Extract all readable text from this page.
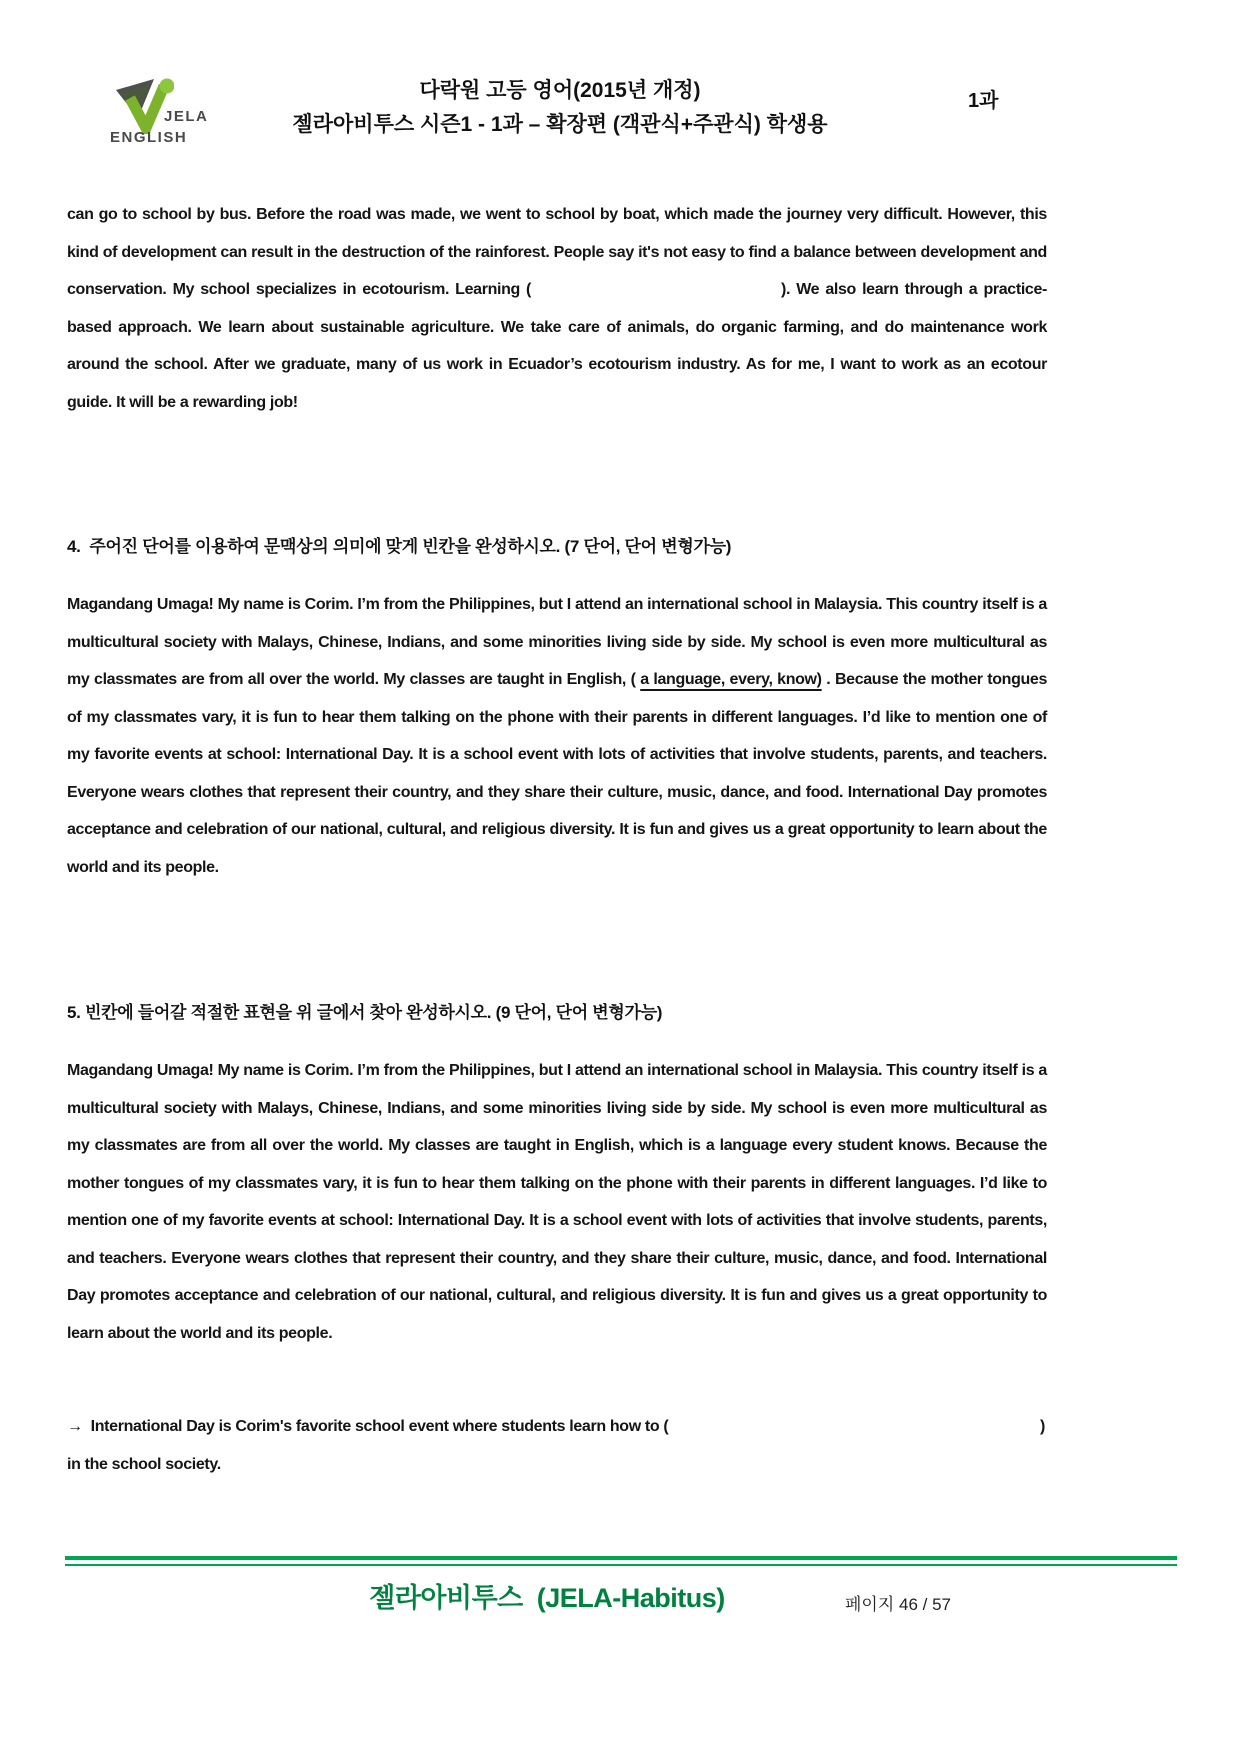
JELA
ENGLISH
다락원 고등 영어(2015년 개정)
젤라아비투스 시즌1 - 1과 – 확장편 (객관식+주관식) 학생용
1과
can go to school by bus. Before the road was made, we went to school by boat, which made the journey very difficult. However, this kind of development can result in the destruction of the rainforest. People say it's not easy to find a balance between development and conservation. My school specializes in ecotourism. Learning (	). We also learn through a practice-based approach. We learn about sustainable agriculture. We take care of animals, do organic farming, and do maintenance work around the school. After we graduate, many of us work in Ecuador’s ecotourism industry. As for me, I want to work as an ecotour guide. It will be a rewarding job!
4.  주어진 단어를 이용하여 문맥상의 의미에 맞게 빈칸을 완성하시오. (7 단어, 단어 변형가능)
Magandang Umaga! My name is Corim. I’m from the Philippines, but I attend an international school in Malaysia. This country itself is a multicultural society with Malays, Chinese, Indians, and some minorities living side by side. My school is even more multicultural as my classmates are from all over the world. My classes are taught in English, ( a language, every, know) . Because the mother tongues of my classmates vary, it is fun to hear them talking on the phone with their parents in different languages. I’d like to mention one of my favorite events at school: International Day. It is a school event with lots of activities that involve students, parents, and teachers. Everyone wears clothes that represent their country, and they share their culture, music, dance, and food. International Day promotes acceptance and celebration of our national, cultural, and religious diversity. It is fun and gives us a great opportunity to learn about the world and its people.
5. 빈칸에 들어갈 적절한 표현을 위 글에서 찾아 완성하시오. (9 단어, 단어 변형가능)
Magandang Umaga! My name is Corim. I’m from the Philippines, but I attend an international school in Malaysia. This country itself is a multicultural society with Malays, Chinese, Indians, and some minorities living side by side. My school is even more multicultural as my classmates are from all over the world. My classes are taught in English, which is a language every student knows. Because the mother tongues of my classmates vary, it is fun to hear them talking on the phone with their parents in different languages. I’d like to mention one of my favorite events at school: International Day. It is a school event with lots of activities that involve students, parents, and teachers. Everyone wears clothes that represent their country, and they share their culture, music, dance, and food. International Day promotes acceptance and celebration of our national, cultural, and religious diversity. It is fun and gives us a great opportunity to learn about the world and its people.
→ International Day is Corim's favorite school event where students learn how to (	)
in the school society.
젤라아비투스  (JELA-Habitus)	페이지 46 / 57
